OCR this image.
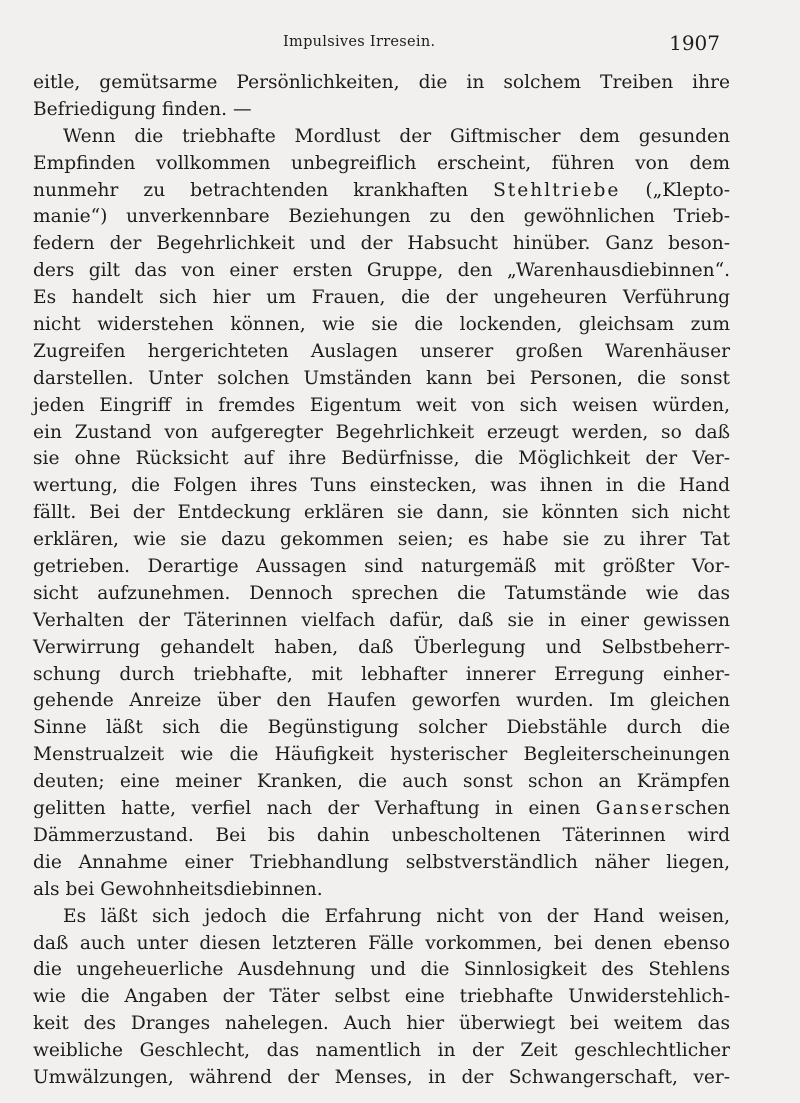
Impulsives Irresein.	1907
eitle, gemütsarme Persönlichkeiten, die in solchem Treiben ihre
Befriedigung finden. —
Wenn die triebhafte Mordlust der Giftmischer dem gesunden
Empfinden vollkommen unbegreiflich erscheint, führen von dem
nunmehr zu betrachtenden krankhaften Stehltriebe („Klepto-
manie“) unverkennbare Beziehungen zu den gewöhnlichen Trieb-
federn der Begehrlichkeit und der Habsucht hinüber. Ganz beson-
ders gilt das von einer ersten Gruppe, den „Warenhausdiebinnen“.
Es handelt sich hier um Frauen, die der ungeheuren Verführung
nicht widerstehen können, wie sie die lockenden, gleichsam zum
Zugreifen hergerichteten Auslagen unserer großen Warenhäuser
darstellen. Unter solchen Umständen kann bei Personen, die sonst
jeden Eingriff in fremdes Eigentum weit von sich weisen würden,
ein Zustand von aufgeregter Begehrlichkeit erzeugt werden, so daß
sie ohne Rücksicht auf ihre Bedürfnisse, die Möglichkeit der Ver-
wertung, die Folgen ihres Tuns einstecken, was ihnen in die Hand
fällt. Bei der Entdeckung erklären sie dann, sie könnten sich nicht
erklären, wie sie dazu gekommen seien; es habe sie zu ihrer Tat
getrieben. Derartige Aussagen sind naturgemäß mit größter Vor-
sicht aufzunehmen. Dennoch sprechen die Tatumstände wie das
Verhalten der Täterinnen vielfach dafür, daß sie in einer gewissen
Verwirrung gehandelt haben, daß Überlegung und Selbstbeherr-
schung durch triebhafte, mit lebhafter innerer Erregung einher-
gehende Anreize über den Haufen geworfen wurden. Im gleichen
Sinne läßt sich die Begünstigung solcher Diebstähle durch die
Menstrualzeit wie die Häufigkeit hysterischer Begleiterscheinungen
deuten; eine meiner Kranken, die auch sonst schon an Krämpfen
gelitten hatte, verfiel nach der Verhaftung in einen Ganserschen
Dämmerzustand. Bei bis dahin unbescholtenen Täterinnen wird
die Annahme einer Triebhandlung selbstverständlich näher liegen,
als bei Gewohnheitsdiebinnen.
Es läßt sich jedoch die Erfahrung nicht von der Hand weisen,
daß auch unter diesen letzteren Fälle vorkommen, bei denen ebenso
die ungeheuerliche Ausdehnung und die Sinnlosigkeit des Stehlens
wie die Angaben der Täter selbst eine triebhafte Unwiderstehlich-
keit des Dranges nahelegen. Auch hier überwiegt bei weitem das
weibliche Geschlecht, das namentlich in der Zeit geschlechtlicher
Umwälzungen, während der Menses, in der Schwangerschaft, ver-
